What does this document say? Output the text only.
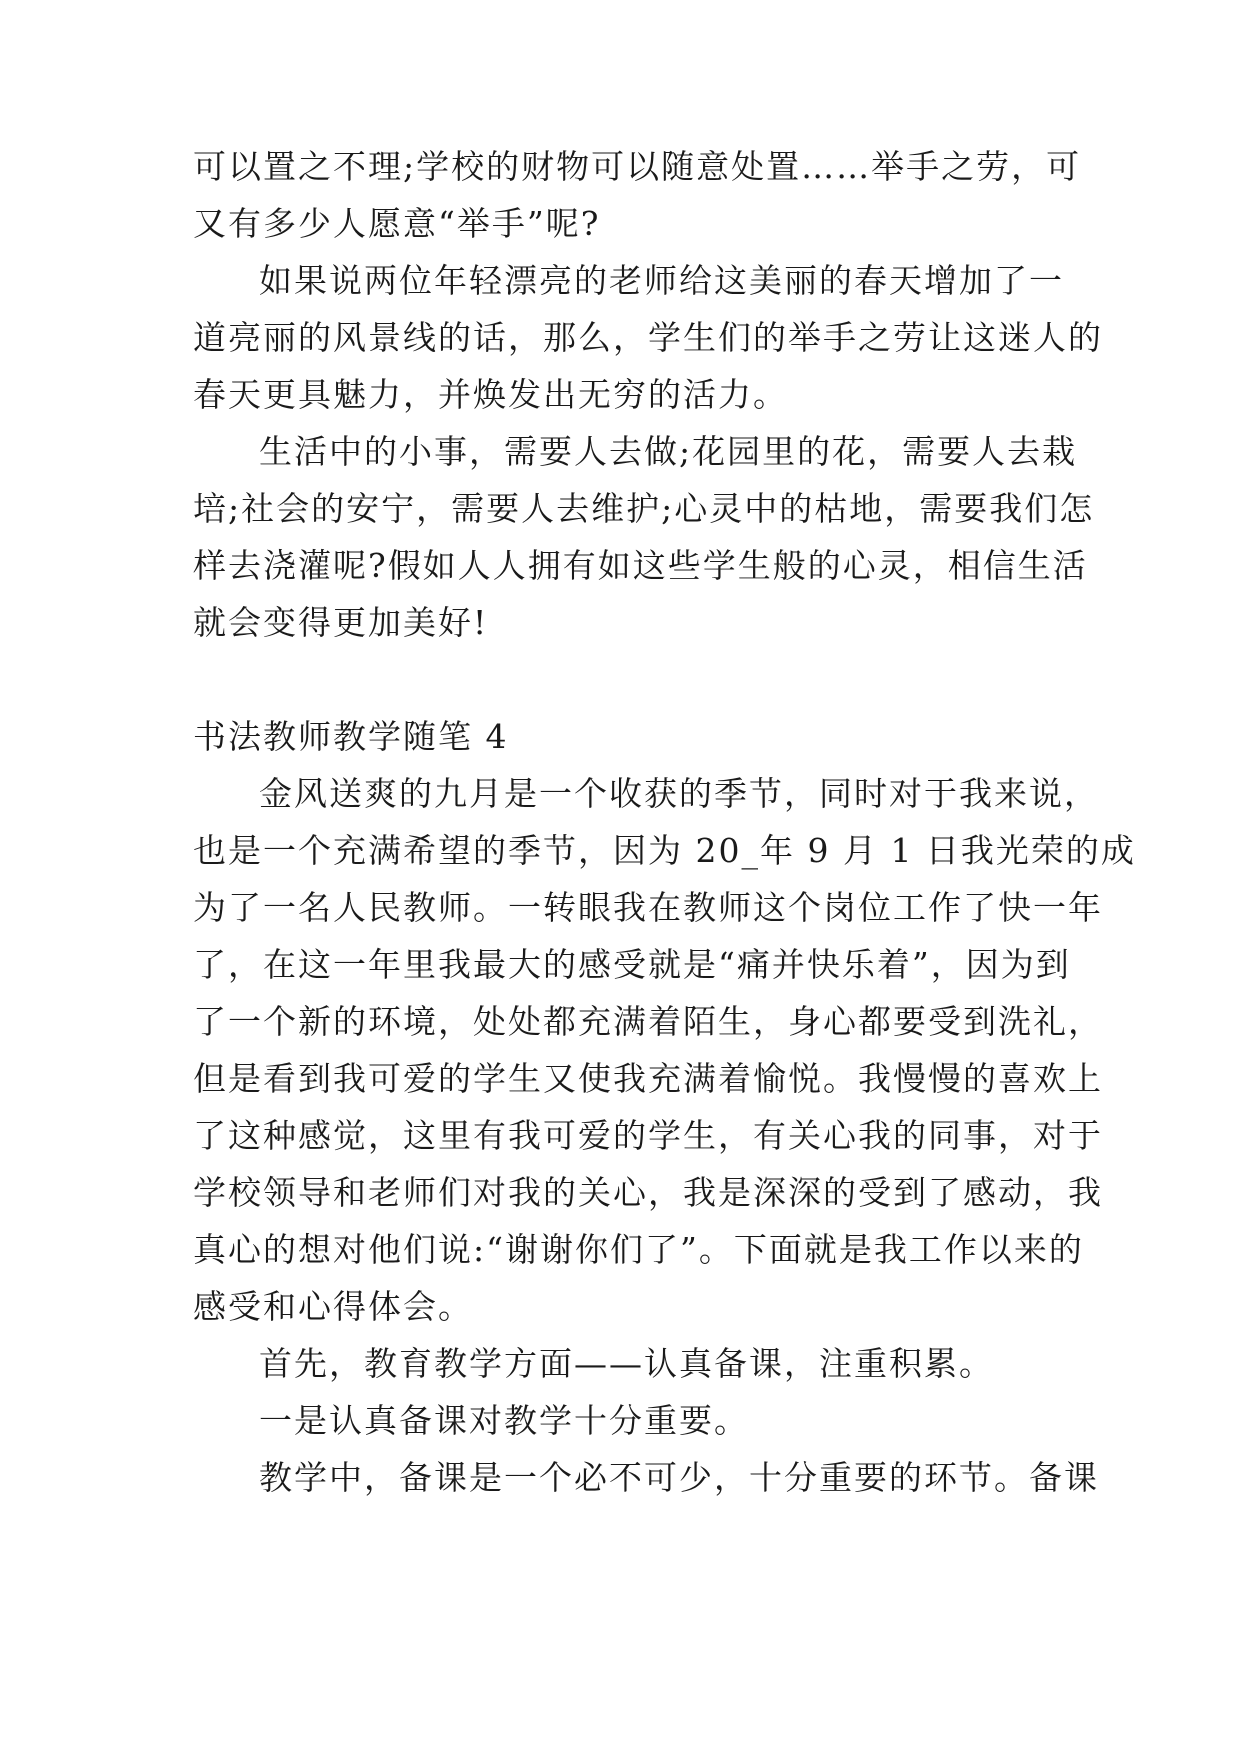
可以置之不理;学校的财物可以随意处置……举手之劳，可
又有多少人愿意“举手”呢?
如果说两位年轻漂亮的老师给这美丽的春天增加了一
道亮丽的风景线的话，那么，学生们的举手之劳让这迷人的
春天更具魅力，并焕发出无穷的活力。
生活中的小事，需要人去做;花园里的花，需要人去栽
培;社会的安宁，需要人去维护;心灵中的枯地，需要我们怎
样去浇灌呢?假如人人拥有如这些学生般的心灵，相信生活
就会变得更加美好!
书法教师教学随笔 4
金风送爽的九月是一个收获的季节，同时对于我来说，
也是一个充满希望的季节，因为 20_年 9 月 1 日我光荣的成
为了一名人民教师。一转眼我在教师这个岗位工作了快一年
了，在这一年里我最大的感受就是“痛并快乐着”，因为到
了一个新的环境，处处都充满着陌生，身心都要受到洗礼，
但是看到我可爱的学生又使我充满着愉悦。我慢慢的喜欢上
了这种感觉，这里有我可爱的学生，有关心我的同事，对于
学校领导和老师们对我的关心，我是深深的受到了感动，我
真心的想对他们说:“谢谢你们了”。下面就是我工作以来的
感受和心得体会。
首先，教育教学方面——认真备课，注重积累。
一是认真备课对教学十分重要。
教学中，备课是一个必不可少，十分重要的环节。备课
